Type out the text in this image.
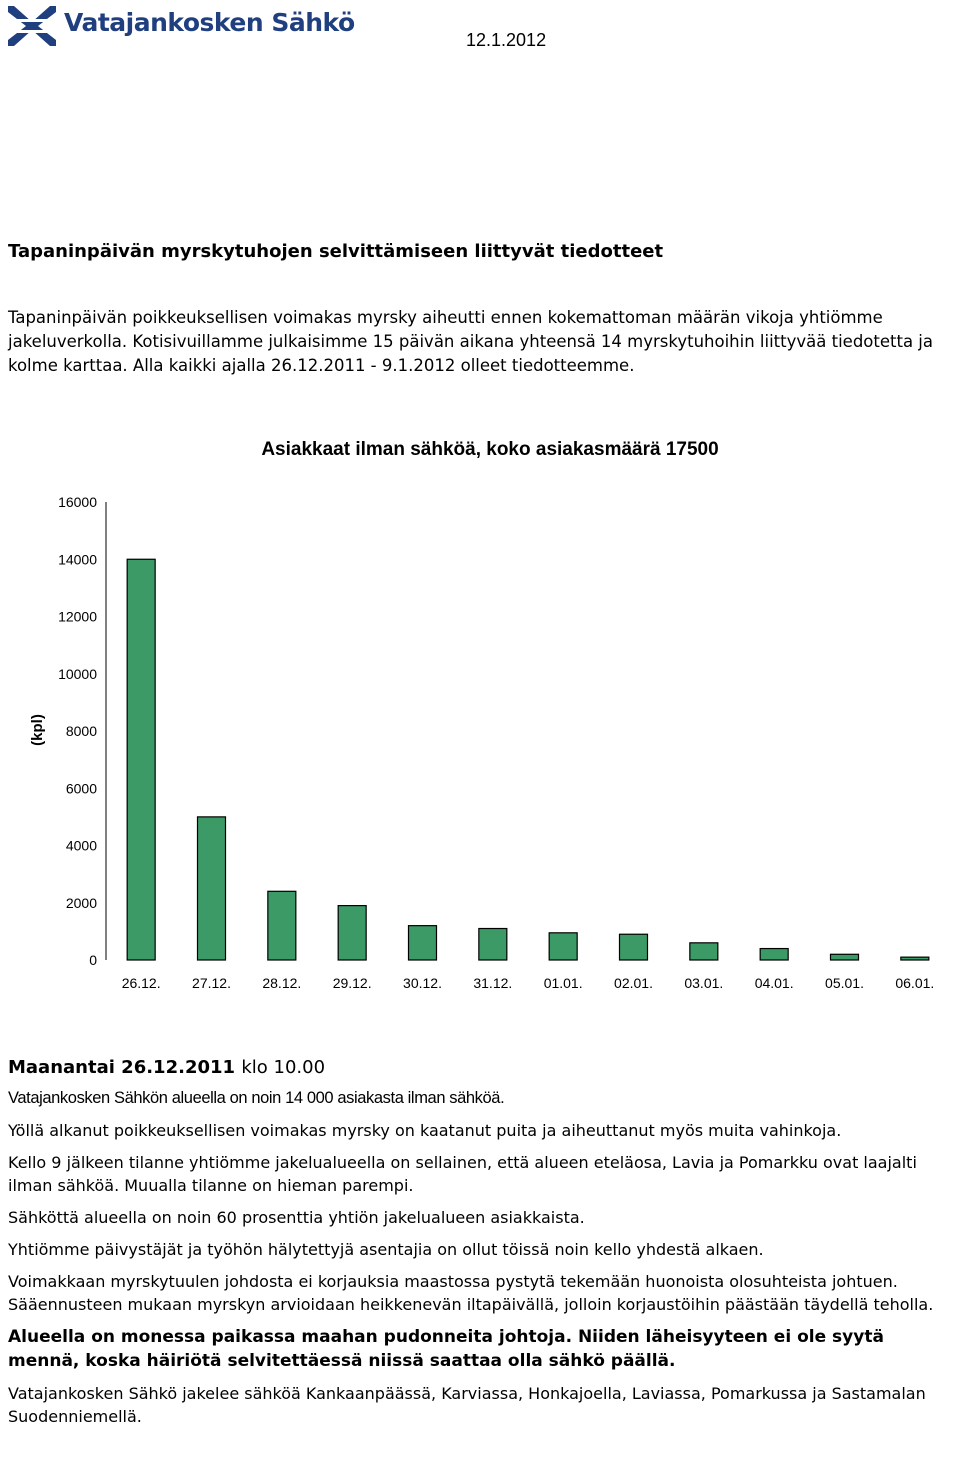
Vatajankosken Sähkö
12.1.2012
Tapaninpäivän myrskytuhojen selvittämiseen liittyvät tiedotteet
Tapaninpäivän poikkeuksellisen voimakas myrsky aiheutti ennen kokemattoman määrän vikoja yhtiömme jakeluverkolla. Kotisivuillamme julkaisimme 15 päivän aikana yhteensä 14 myrskytuhoihin liittyvää tiedotetta ja kolme karttaa. Alla kaikki ajalla 26.12.2011 - 9.1.2012 olleet tiedotteemme.
Asiakkaat ilman sähköä, koko asiakasmäärä 17500
(kpl)
0
2000
4000
6000
8000
10000
12000
14000
16000
26.12. 27.12. 28.12. 29.12. 30.12. 31.12. 01.01. 02.01. 03.01. 04.01. 05.01. 06.01.
Maanantai 26.12.2011 klo 10.00
Vatajankosken Sähkön alueella on noin 14 000 asiakasta ilman sähköä.
Yöllä alkanut poikkeuksellisen voimakas myrsky on kaatanut puita ja aiheuttanut myös muita vahinkoja.
Kello 9 jälkeen tilanne yhtiömme jakelualueella on sellainen, että alueen eteläosa, Lavia ja Pomarkku ovat laajalti ilman sähköä. Muualla tilanne on hieman parempi.
Sähköttä alueella on noin 60 prosenttia yhtiön jakelualueen asiakkaista.
Yhtiömme päivystäjät ja työhön hälytettyjä asentajia on ollut töissä noin kello yhdestä alkaen.
Voimakkaan myrskytuulen johdosta ei korjauksia maastossa pystytä tekemään huonoista olosuhteista johtuen. Sääennusteen mukaan myrskyn arvioidaan heikkenevän iltapäivällä, jolloin korjaustöihin päästään täydellä teholla.
Alueella on monessa paikassa maahan pudonneita johtoja. Niiden läheisyyteen ei ole syytä mennä, koska häiriötä selvitettäessä niissä saattaa olla sähkö päällä.
Vatajankosken Sähkö jakelee sähköä Kankaanpäässä, Karviassa, Honkajoella, Laviassa, Pomarkussa ja Sastamalan Suodenniemellä.
